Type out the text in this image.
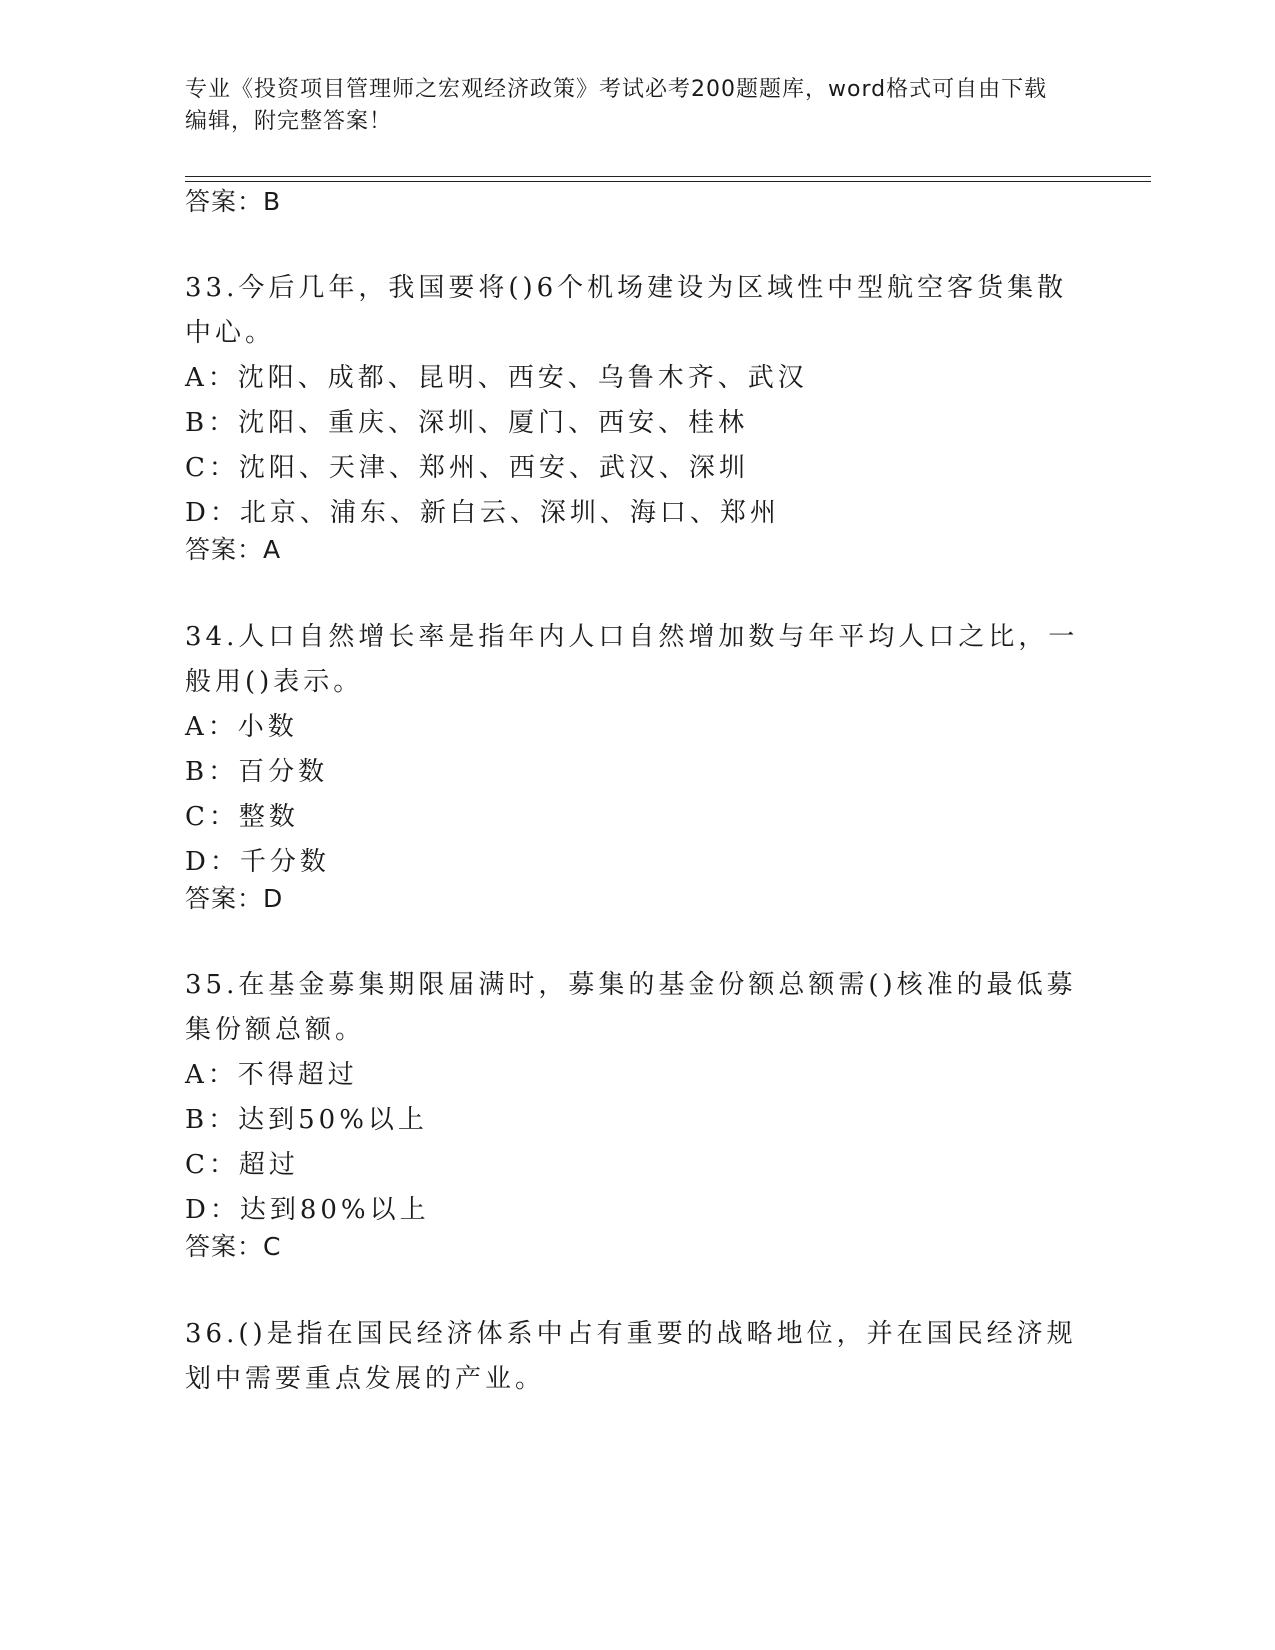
专业《投资项目管理师之宏观经济政策》考试必考200题题库，word格式可自由下载编辑，附完整答案！
答案：B
33.今后几年，我国要将()6个机场建设为区域性中型航空客货集散中心。
A：沈阳、成都、昆明、西安、乌鲁木齐、武汉
B：沈阳、重庆、深圳、厦门、西安、桂林
C：沈阳、天津、郑州、西安、武汉、深圳
D：北京、浦东、新白云、深圳、海口、郑州
答案：A
34.人口自然增长率是指年内人口自然增加数与年平均人口之比，一般用()表示。
A：小数
B：百分数
C：整数
D：千分数
答案：D
35.在基金募集期限届满时，募集的基金份额总额需()核准的最低募集份额总额。
A：不得超过
B：达到50%以上
C：超过
D：达到80%以上
答案：C
36.()是指在国民经济体系中占有重要的战略地位，并在国民经济规划中需要重点发展的产业。
